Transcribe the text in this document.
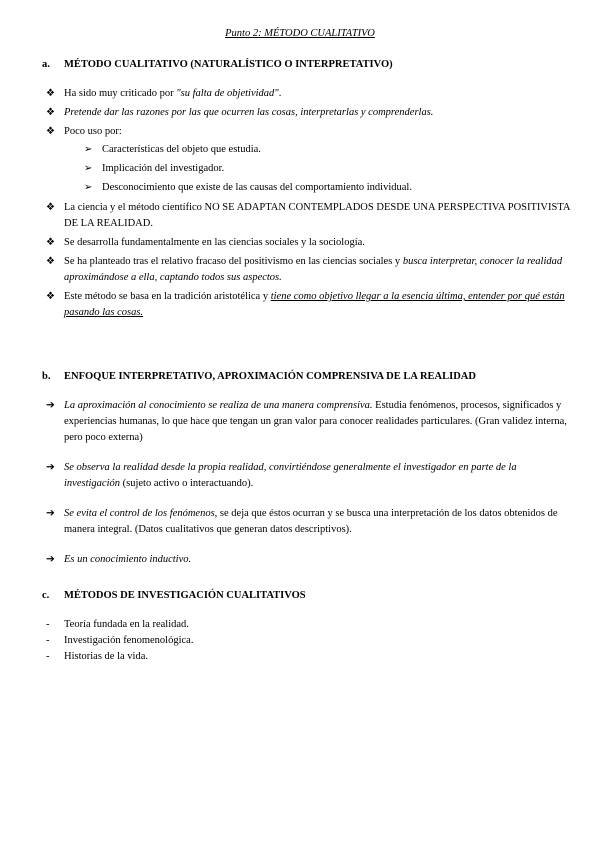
Punto 2: MÉTODO CUALITATIVO
a.	MÉTODO CUALITATIVO (NATURALÍSTICO O INTERPRETATIVO)
❖ Ha sido muy criticado por "su falta de objetividad".
❖ Pretende dar las razones por las que ocurren las cosas, interpretarlas y comprenderlas.
❖ Poco uso por:
➢ Características del objeto que estudia.
➢ Implicación del investigador.
➢ Desconocimiento que existe de las causas del comportamiento individual.
❖ La ciencia y el método científico NO SE ADAPTAN CONTEMPLADOS DESDE UNA PERSPECTIVA POSITIVISTA DE LA REALIDAD.
❖ Se desarrolla fundamentalmente en las ciencias sociales y la sociología.
❖ Se ha planteado tras el relativo fracaso del positivismo en las ciencias sociales y busca interpretar, conocer la realidad aproximándose a ella, captando todos sus aspectos.
❖ Este método se basa en la tradición aristotélica y tiene como objetivo llegar a la esencia última, entender por qué están pasando las cosas.
b.	ENFOQUE INTERPRETATIVO, APROXIMACIÓN COMPRENSIVA DE LA REALIDAD
➔ La aproximación al conocimiento se realiza de una manera comprensiva. Estudia fenómenos, procesos, significados y experiencias humanas, lo que hace que tengan un gran valor para conocer realidades particulares. (Gran validez interna, pero poco externa)
➔ Se observa la realidad desde la propia realidad, convirtiéndose generalmente el investigador en parte de la investigación (sujeto activo o interactuando).
➔ Se evita el control de los fenómenos, se deja que éstos ocurran y se busca una interpretación de los datos obtenidos de manera integral. (Datos cualitativos que generan datos descriptivos).
➔ Es un conocimiento inductivo.
c.	MÉTODOS DE INVESTIGACIÓN CUALITATIVOS
-	Teoría fundada en la realidad.
-	Investigación fenomenológica.
-	Historias de la vida.
